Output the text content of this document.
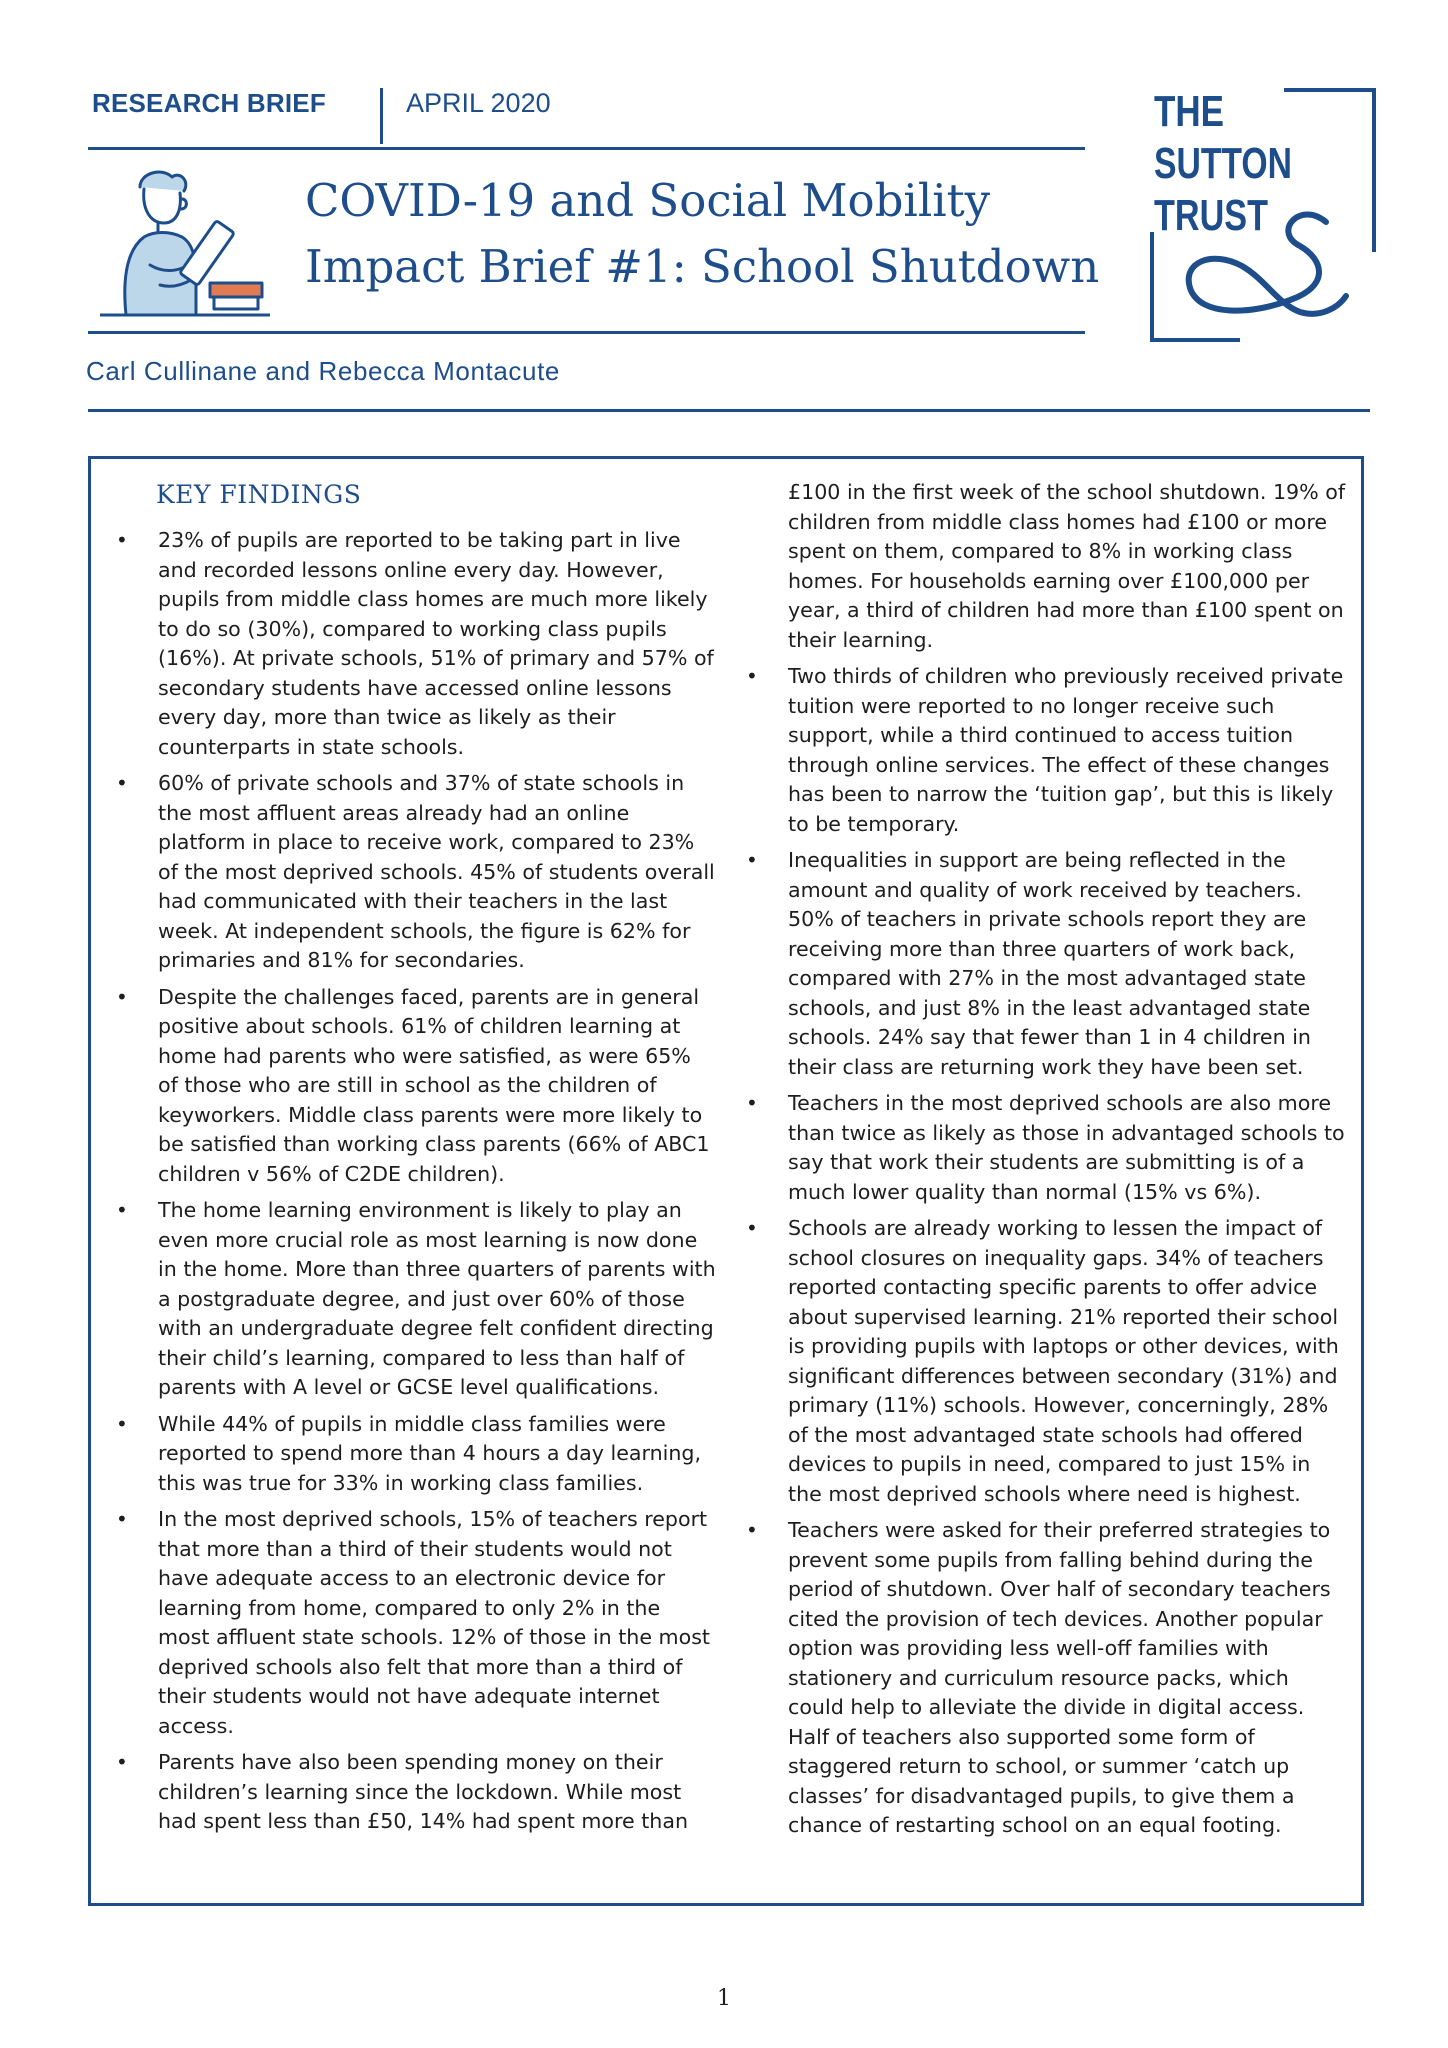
RESEARCH BRIEF	APRIL 2020
COVID-19 and Social Mobility
Impact Brief #1: School Shutdown
Carl Cullinane and Rebecca Montacute
THE
SUTTON
TRUST
KEY FINDINGS
• 23% of pupils are reported to be taking part in live and recorded lessons online every day. However, pupils from middle class homes are much more likely to do so (30%), compared to working class pupils (16%). At private schools, 51% of primary and 57% of secondary students have accessed online lessons every day, more than twice as likely as their counterparts in state schools.
• 60% of private schools and 37% of state schools in the most affluent areas already had an online platform in place to receive work, compared to 23% of the most deprived schools. 45% of students overall had communicated with their teachers in the last week. At independent schools, the figure is 62% for primaries and 81% for secondaries.
• Despite the challenges faced, parents are in general positive about schools. 61% of children learning at home had parents who were satisfied, as were 65% of those who are still in school as the children of keyworkers. Middle class parents were more likely to be satisfied than working class parents (66% of ABC1 children v 56% of C2DE children).
• The home learning environment is likely to play an even more crucial role as most learning is now done in the home. More than three quarters of parents with a postgraduate degree, and just over 60% of those with an undergraduate degree felt confident directing their child’s learning, compared to less than half of parents with A level or GCSE level qualifications.
• While 44% of pupils in middle class families were reported to spend more than 4 hours a day learning, this was true for 33% in working class families.
• In the most deprived schools, 15% of teachers report that more than a third of their students would not have adequate access to an electronic device for learning from home, compared to only 2% in the most affluent state schools. 12% of those in the most deprived schools also felt that more than a third of their students would not have adequate internet access.
• Parents have also been spending money on their children’s learning since the lockdown. While most had spent less than £50, 14% had spent more than
£100 in the first week of the school shutdown. 19% of children from middle class homes had £100 or more spent on them, compared to 8% in working class homes. For households earning over £100,000 per year, a third of children had more than £100 spent on their learning.
• Two thirds of children who previously received private tuition were reported to no longer receive such support, while a third continued to access tuition through online services. The effect of these changes has been to narrow the ‘tuition gap’, but this is likely to be temporary.
• Inequalities in support are being reflected in the amount and quality of work received by teachers. 50% of teachers in private schools report they are receiving more than three quarters of work back, compared with 27% in the most advantaged state schools, and just 8% in the least advantaged state schools. 24% say that fewer than 1 in 4 children in their class are returning work they have been set.
• Teachers in the most deprived schools are also more than twice as likely as those in advantaged schools to say that work their students are submitting is of a much lower quality than normal (15% vs 6%).
• Schools are already working to lessen the impact of school closures on inequality gaps. 34% of teachers reported contacting specific parents to offer advice about supervised learning. 21% reported their school is providing pupils with laptops or other devices, with significant differences between secondary (31%) and primary (11%) schools. However, concerningly, 28% of the most advantaged state schools had offered devices to pupils in need, compared to just 15% in the most deprived schools where need is highest.
• Teachers were asked for their preferred strategies to prevent some pupils from falling behind during the period of shutdown. Over half of secondary teachers cited the provision of tech devices. Another popular option was providing less well-off families with stationery and curriculum resource packs, which could help to alleviate the divide in digital access. Half of teachers also supported some form of staggered return to school, or summer ‘catch up classes’ for disadvantaged pupils, to give them a chance of restarting school on an equal footing.
1
